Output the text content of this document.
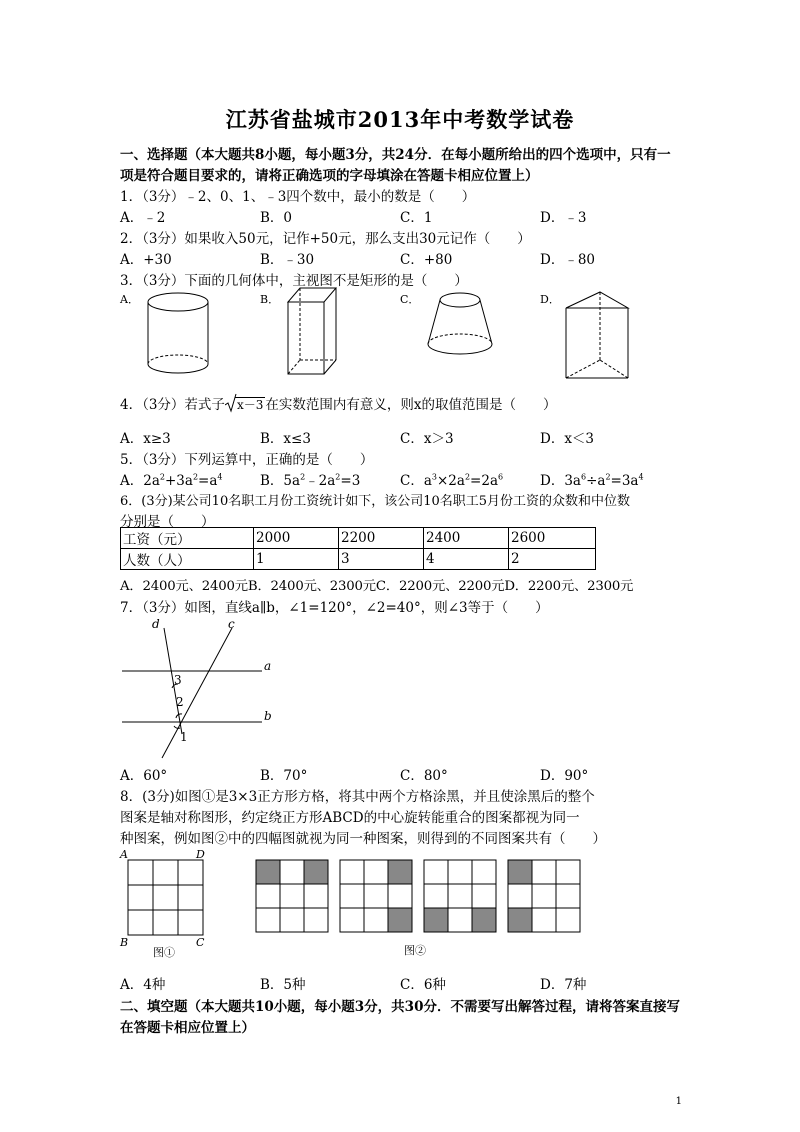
江苏省盐城市2013年中考数学试卷
一、选择题（本大题共8小题，每小题3分，共24分．在每小题所给出的四个选项中，只有一
项是符合题目要求的，请将正确选项的字母填涂在答题卡相应位置上）
1．（3分）﹣2、0、1、﹣3四个数中，最小的数是（　　）
A．﹣2	B．0	C．1	D．﹣3
2．（3分）如果收入50元，记作+50元，那么支出30元记作（　　）
A．+30	B．﹣30	C．+80	D．﹣80
3．（3分）下面的几何体中，主视图不是矩形的是（　　）
A．	B．	C．	D．
4．（3分）若式子 x－3 在实数范围内有意义，则x的取值范围是（　　）
A．x≥3	B．x≤3	C．x＞3	D．x＜3
5．（3分）下列运算中，正确的是（　　）
A．$2a^2+3a^2=a^4$	B．$5a^2﹣2a^2=3$	C．$a^3\times 2a^2=2a^6$	D．$3a^6\div a^2=3a^4$
6．(3分)某公司10名职工月份工资统计如下，该公司10名职工5月份工资的众数和中位数
分别是（　　）
工资（元）	2000	2200	2400	2600
人数（人）	1	3	4	2
A．2400元、2400元B．2400元、2300元C．2200元、2200元D．2200元、2300元
7．（3分）如图，直线a∥b，∠1=120°，∠2=40°，则∠3等于（　　）
d	c
a
b
3
2
1
A．60°	B．70°	C．80°	D．90°
8．(3分)如图①是3×3正方形方格，将其中两个方格涂黑，并且使涂黑后的整个
图案是轴对称图形，约定绕正方形ABCD的中心旋转能重合的图案都视为同一
种图案，例如图②中的四幅图就视为同一种图案，则得到的不同图案共有（　　）
A	D
B	C
图①	图②
A．4种	B．5种	C．6种	D．7种
二、填空题（本大题共10小题，每小题3分，共30分．不需要写出解答过程，请将答案直接写
在答题卡相应位置上）
1
